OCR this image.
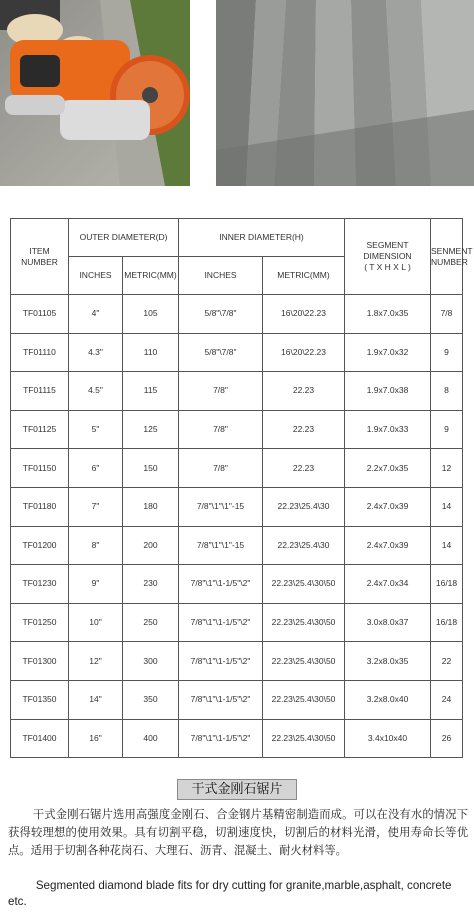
ITEM NUMBER	OUTER DIAMETER(D)		INNER DIAMETER(H)		SEGMENT DIMENSION
( T X H X L )	SENMENT
NUMBER
	INCHES	METRIC(MM)	INCHES	METRIC(MM)		
TF01105	4"	105	5/8"\7/8"	16\20\22.23	1.8x7.0x35	7/8
TF01110	4.3"	110	5/8"\7/8"	16\20\22.23	1.9x7.0x32	9
TF01115	4.5"	115	7/8"	22.23	1.9x7.0x38	8
TF01125	5"	125	7/8"	22.23	1.9x7.0x33	9
TF01150	6"	150	7/8"	22.23	2.2x7.0x35	12
TF01180	7"	180	7/8"\1"\1"-15	22.23\25.4\30	2.4x7.0x39	14
TF01200	8"	200	7/8"\1"\1"-15	22.23\25.4\30	2.4x7.0x39	14
TF01230	9"	230	7/8"\1"\1-1/5"\2"	22.23\25.4\30\50	2.4x7.0x34	16/18
TF01250	10"	250	7/8"\1"\1-1/5"\2"	22.23\25.4\30\50	3.0x8.0x37	16/18
TF01300	12"	300	7/8"\1"\1-1/5"\2"	22.23\25.4\30\50	3.2x8.0x35	22
TF01350	14"	350	7/8"\1"\1-1/5"\2"	22.23\25.4\30\50	3.2x8.0x40	24
TF01400	16"	400	7/8"\1"\1-1/5"\2"	22.23\25.4\30\50	3.4x10x40	26
干式金刚石锯片
干式金刚石锯片选用高强度金刚石、合金钢片基精密制造而成。可以在没有水的情况下获得较理想的使用效果。具有切割平稳，切割速度快，切割后的材料光滑，使用寿命长等优点。适用于切割各种花岗石、大理石、沥青、混凝土、耐火材料等。
Segmented diamond blade fits for dry cutting for granite,marble,asphalt, concrete etc.
